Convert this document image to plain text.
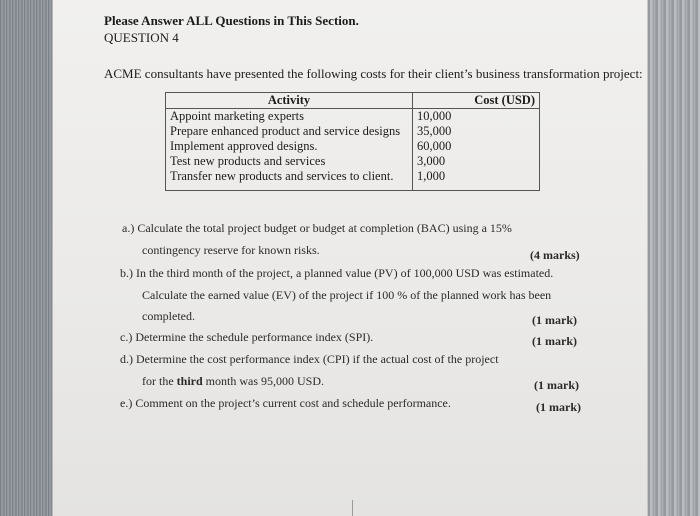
Please Answer ALL Questions in This Section.
QUESTION 4
ACME consultants have presented the following costs for their client’s business transformation project:
Activity	Cost (USD)
Appoint marketing experts	10,000
Prepare enhanced product and service designs	35,000
Implement approved designs.	60,000
Test new products and services	3,000
Transfer new products and services to client.	1,000
a.) Calculate the total project budget or budget at completion (BAC) using a 15%
contingency reserve for known risks.	(4 marks)
b.) In the third month of the project, a planned value (PV) of 100,000 USD was estimated.
Calculate the earned value (EV) of the project if 100 % of the planned work has been
completed.	(1 mark)
c.) Determine the schedule performance index (SPI).	(1 mark)
d.) Determine the cost performance index (CPI) if the actual cost of the project
for the third month was 95,000 USD.	(1 mark)
e.) Comment on the project’s current cost and schedule performance.	(1 mark)
